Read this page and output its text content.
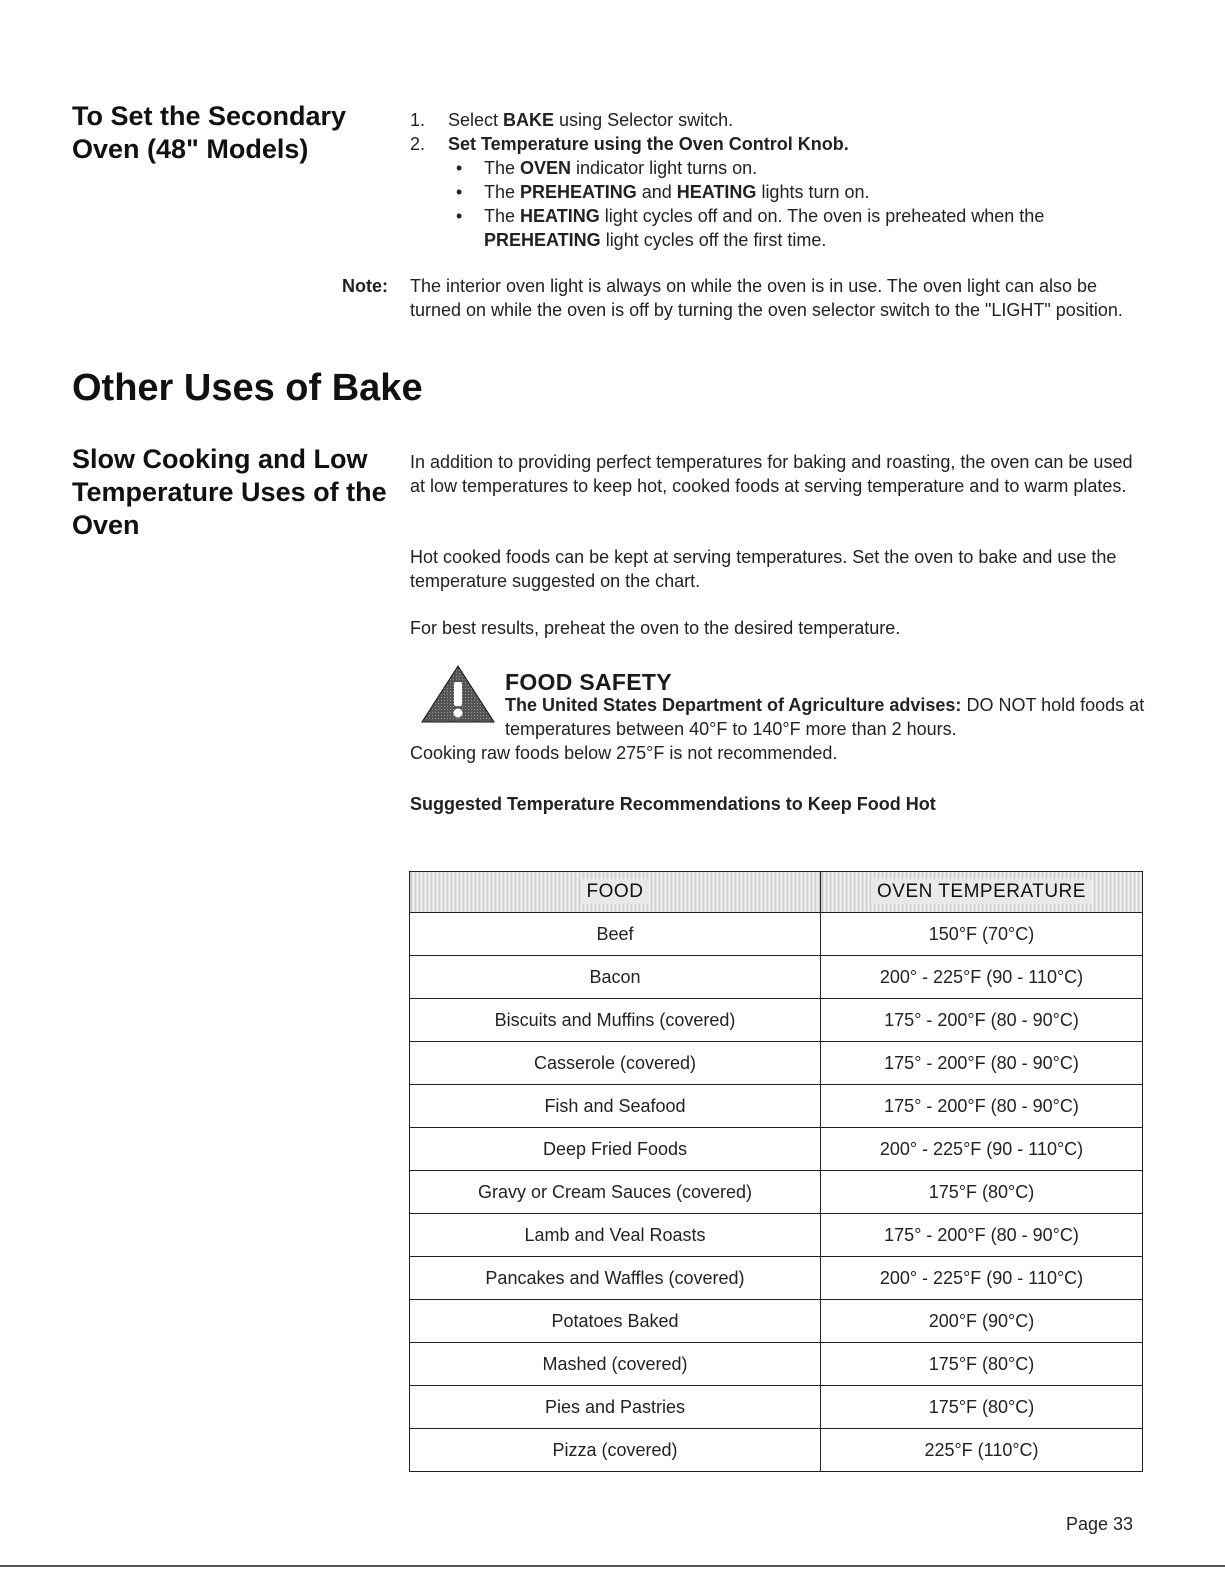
To Set the Secondary
Oven (48" Models)
1. Select BAKE using Selector switch.
2. Set Temperature using the Oven Control Knob.
• The OVEN indicator light turns on.
• The PREHEATING and HEATING lights turn on.
• The HEATING light cycles off and on. The oven is preheated when the PREHEATING light cycles off the first time.
Note: The interior oven light is always on while the oven is in use. The oven light can also be turned on while the oven is off by turning the oven selector switch to the "LIGHT" position.
Other Uses of Bake
Slow Cooking and Low
Temperature Uses of the
Oven

In addition to providing perfect temperatures for baking and roasting, the oven can be used at low temperatures to keep hot, cooked foods at serving temperature and to warm plates.

Hot cooked foods can be kept at serving temperatures. Set the oven to bake and use the temperature suggested on the chart.

For best results, preheat the oven to the desired temperature.

FOOD SAFETY
The United States Department of Agriculture advises: DO NOT hold foods at temperatures between 40°F to 140°F more than 2 hours.
Cooking raw foods below 275°F is not recommended.
Suggested Temperature Recommendations to Keep Food Hot
FOOD	OVEN TEMPERATURE
Beef	150°F (70°C)
Bacon	200° - 225°F (90 - 110°C)
Biscuits and Muffins (covered)	175° - 200°F (80 - 90°C)
Casserole (covered)	175° - 200°F (80 - 90°C)
Fish and Seafood	175° - 200°F (80 - 90°C)
Deep Fried Foods	200° - 225°F (90 - 110°C)
Gravy or Cream Sauces (covered)	175°F (80°C)
Lamb and Veal Roasts	175° - 200°F (80 - 90°C)
Pancakes and Waffles (covered)	200° - 225°F (90 - 110°C)
Potatoes Baked	200°F (90°C)
Mashed (covered)	175°F (80°C)
Pies and Pastries	175°F (80°C)
Pizza (covered)	225°F (110°C)
Page 33
